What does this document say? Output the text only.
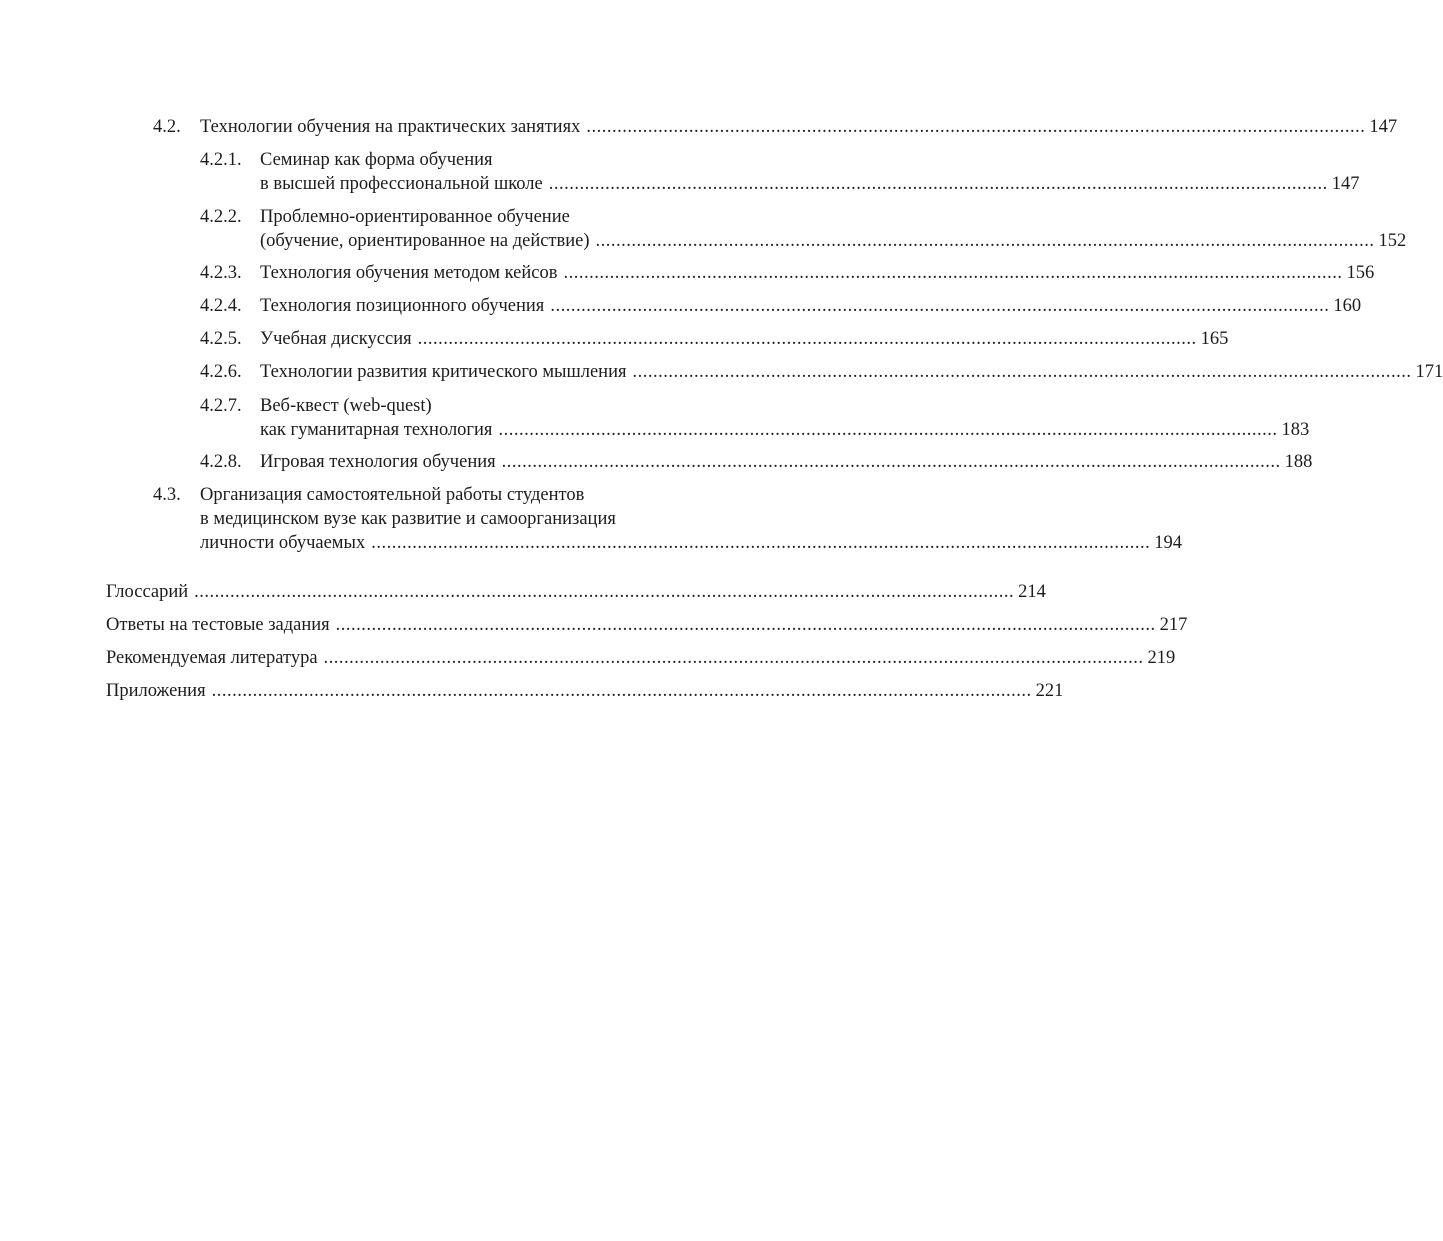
4.2.	Технологии обучения на практических занятиях ........................................................................................................................................................ 147
4.2.1. Семинар как форма обучения
в высшей профессиональной школе ........................................................................................................................................................ 147
4.2.2. Проблемно-ориентированное обучение
(обучение, ориентированное на действие) ........................................................................................................................................................ 152
4.2.3. Технология обучения методом кейсов ........................................................................................................................................................ 156
4.2.4. Технология позиционного обучения ........................................................................................................................................................ 160
4.2.5. Учебная дискуссия ........................................................................................................................................................ 165
4.2.6. Технологии развития критического мышления ........................................................................................................................................................ 171
4.2.7. Веб-квест (web-quest)
как гуманитарная технология ........................................................................................................................................................ 183
4.2.8. Игровая технология обучения ........................................................................................................................................................ 188
4.3.	Организация самостоятельной работы студентов
в медицинском вузе как развитие и самоорганизация
личности обучаемых ........................................................................................................................................................ 194
Глоссарий ................................................................................................................................................................ 214
Ответы на тестовые задания ................................................................................................................................................................ 217
Рекомендуемая литература ................................................................................................................................................................ 219
Приложения ................................................................................................................................................................ 221
